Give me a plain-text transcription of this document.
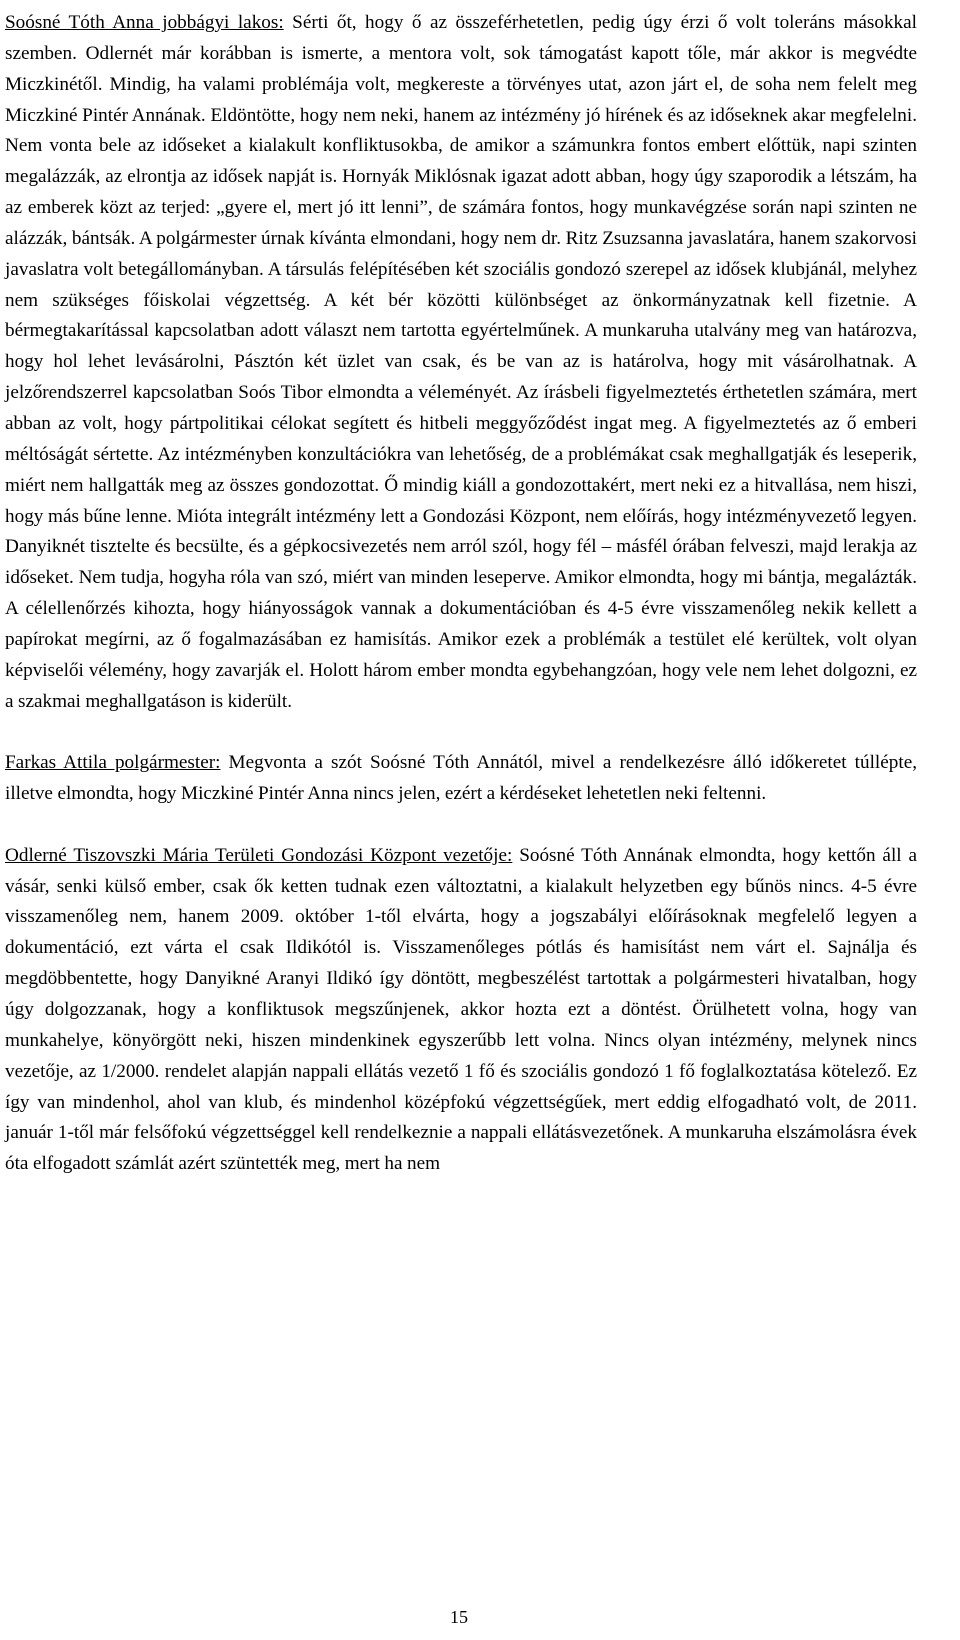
Soósné Tóth Anna jobbágyi lakos: Sérti őt, hogy ő az összeférhetetlen, pedig úgy érzi ő volt toleráns másokkal szemben. Odlernét már korábban is ismerte, a mentora volt, sok támogatást kapott tőle, már akkor is megvédte Miczkinétől. Mindig, ha valami problémája volt, megkereste a törvényes utat, azon járt el, de soha nem felelt meg Miczkiné Pintér Annának. Eldöntötte, hogy nem neki, hanem az intézmény jó hírének és az időseknek akar megfelelni. Nem vonta bele az időseket a kialakult konfliktusokba, de amikor a számunkra fontos embert előttük, napi szinten megalázzák, az elrontja az idősek napját is. Hornyák Miklósnak igazat adott abban, hogy úgy szaporodik a létszám, ha az emberek közt az terjed: „gyere el, mert jó itt lenni”, de számára fontos, hogy munkavégzése során napi szinten ne alázzák, bántsák. A polgármester úrnak kívánta elmondani, hogy nem dr. Ritz Zsuzsanna javaslatára, hanem szakorvosi javaslatra volt betegállományban. A társulás felépítésében két szociális gondozó szerepel az idősek klubjánál, melyhez nem szükséges főiskolai végzettség. A két bér közötti különbséget az önkormányzatnak kell fizetnie. A bérmegtakarítással kapcsolatban adott választ nem tartotta egyértelműnek. A munkaruha utalvány meg van határozva, hogy hol lehet levásárolni, Pásztón két üzlet van csak, és be van az is határolva, hogy mit vásárolhatnak. A jelzőrendszerrel kapcsolatban Soós Tibor elmondta a véleményét. Az írásbeli figyelmeztetés érthetetlen számára, mert abban az volt, hogy pártpolitikai célokat segített és hitbeli meggyőződést ingat meg. A figyelmeztetés az ő emberi méltóságát sértette. Az intézményben konzultációkra van lehetőség, de a problémákat csak meghallgatják és leseperik, miért nem hallgatták meg az összes gondozottat. Ő mindig kiáll a gondozottakért, mert neki ez a hitvallása, nem hiszi, hogy más bűne lenne. Mióta integrált intézmény lett a Gondozási Központ, nem előírás, hogy intézményvezető legyen. Danyiknét tisztelte és becsülte, és a gépkocsivezetés nem arról szól, hogy fél – másfél órában felveszi, majd lerakja az időseket. Nem tudja, hogyha róla van szó, miért van minden leseperve. Amikor elmondta, hogy mi bántja, megalázták. A célellenőrzés kihozta, hogy hiányosságok vannak a dokumentációban és 4-5 évre visszamenőleg nekik kellett a papírokat megírni, az ő fogalmazásában ez hamisítás. Amikor ezek a problémák a testület elé kerültek, volt olyan képviselői vélemény, hogy zavarják el. Holott három ember mondta egybehangzóan, hogy vele nem lehet dolgozni, ez a szakmai meghallgatáson is kiderült.

Farkas Attila polgármester: Megvonta a szót Soósné Tóth Annától, mivel a rendelkezésre álló időkeretet túllépte, illetve elmondta, hogy Miczkiné Pintér Anna nincs jelen, ezért a kérdéseket lehetetlen neki feltenni.

Odlerné Tiszovszki Mária Területi Gondozási Központ vezetője: Soósné Tóth Annának elmondta, hogy kettőn áll a vásár, senki külső ember, csak ők ketten tudnak ezen változtatni, a kialakult helyzetben egy bűnös nincs. 4-5 évre visszamenőleg nem, hanem 2009. október 1-től elvárta, hogy a jogszabályi előírásoknak megfelelő legyen a dokumentáció, ezt várta el csak Ildikótól is. Visszamenőleges pótlás és hamisítást nem várt el. Sajnálja és megdöbbentette, hogy Danyikné Aranyi Ildikó így döntött, megbeszélést tartottak a polgármesteri hivatalban, hogy úgy dolgozzanak, hogy a konfliktusok megszűnjenek, akkor hozta ezt a döntést. Örülhetett volna, hogy van munkahelye, könyörgött neki, hiszen mindenkinek egyszerűbb lett volna. Nincs olyan intézmény, melynek nincs vezetője, az 1/2000. rendelet alapján nappali ellátás vezető 1 fő és szociális gondozó 1 fő foglalkoztatása kötelező. Ez így van mindenhol, ahol van klub, és mindenhol középfokú végzettségűek, mert eddig elfogadható volt, de 2011. január 1-től már felsőfokú végzettséggel kell rendelkeznie a nappali ellátásvezetőnek. A munkaruha elszámolásra évek óta elfogadott számlát azért szüntették meg, mert ha nem

15
